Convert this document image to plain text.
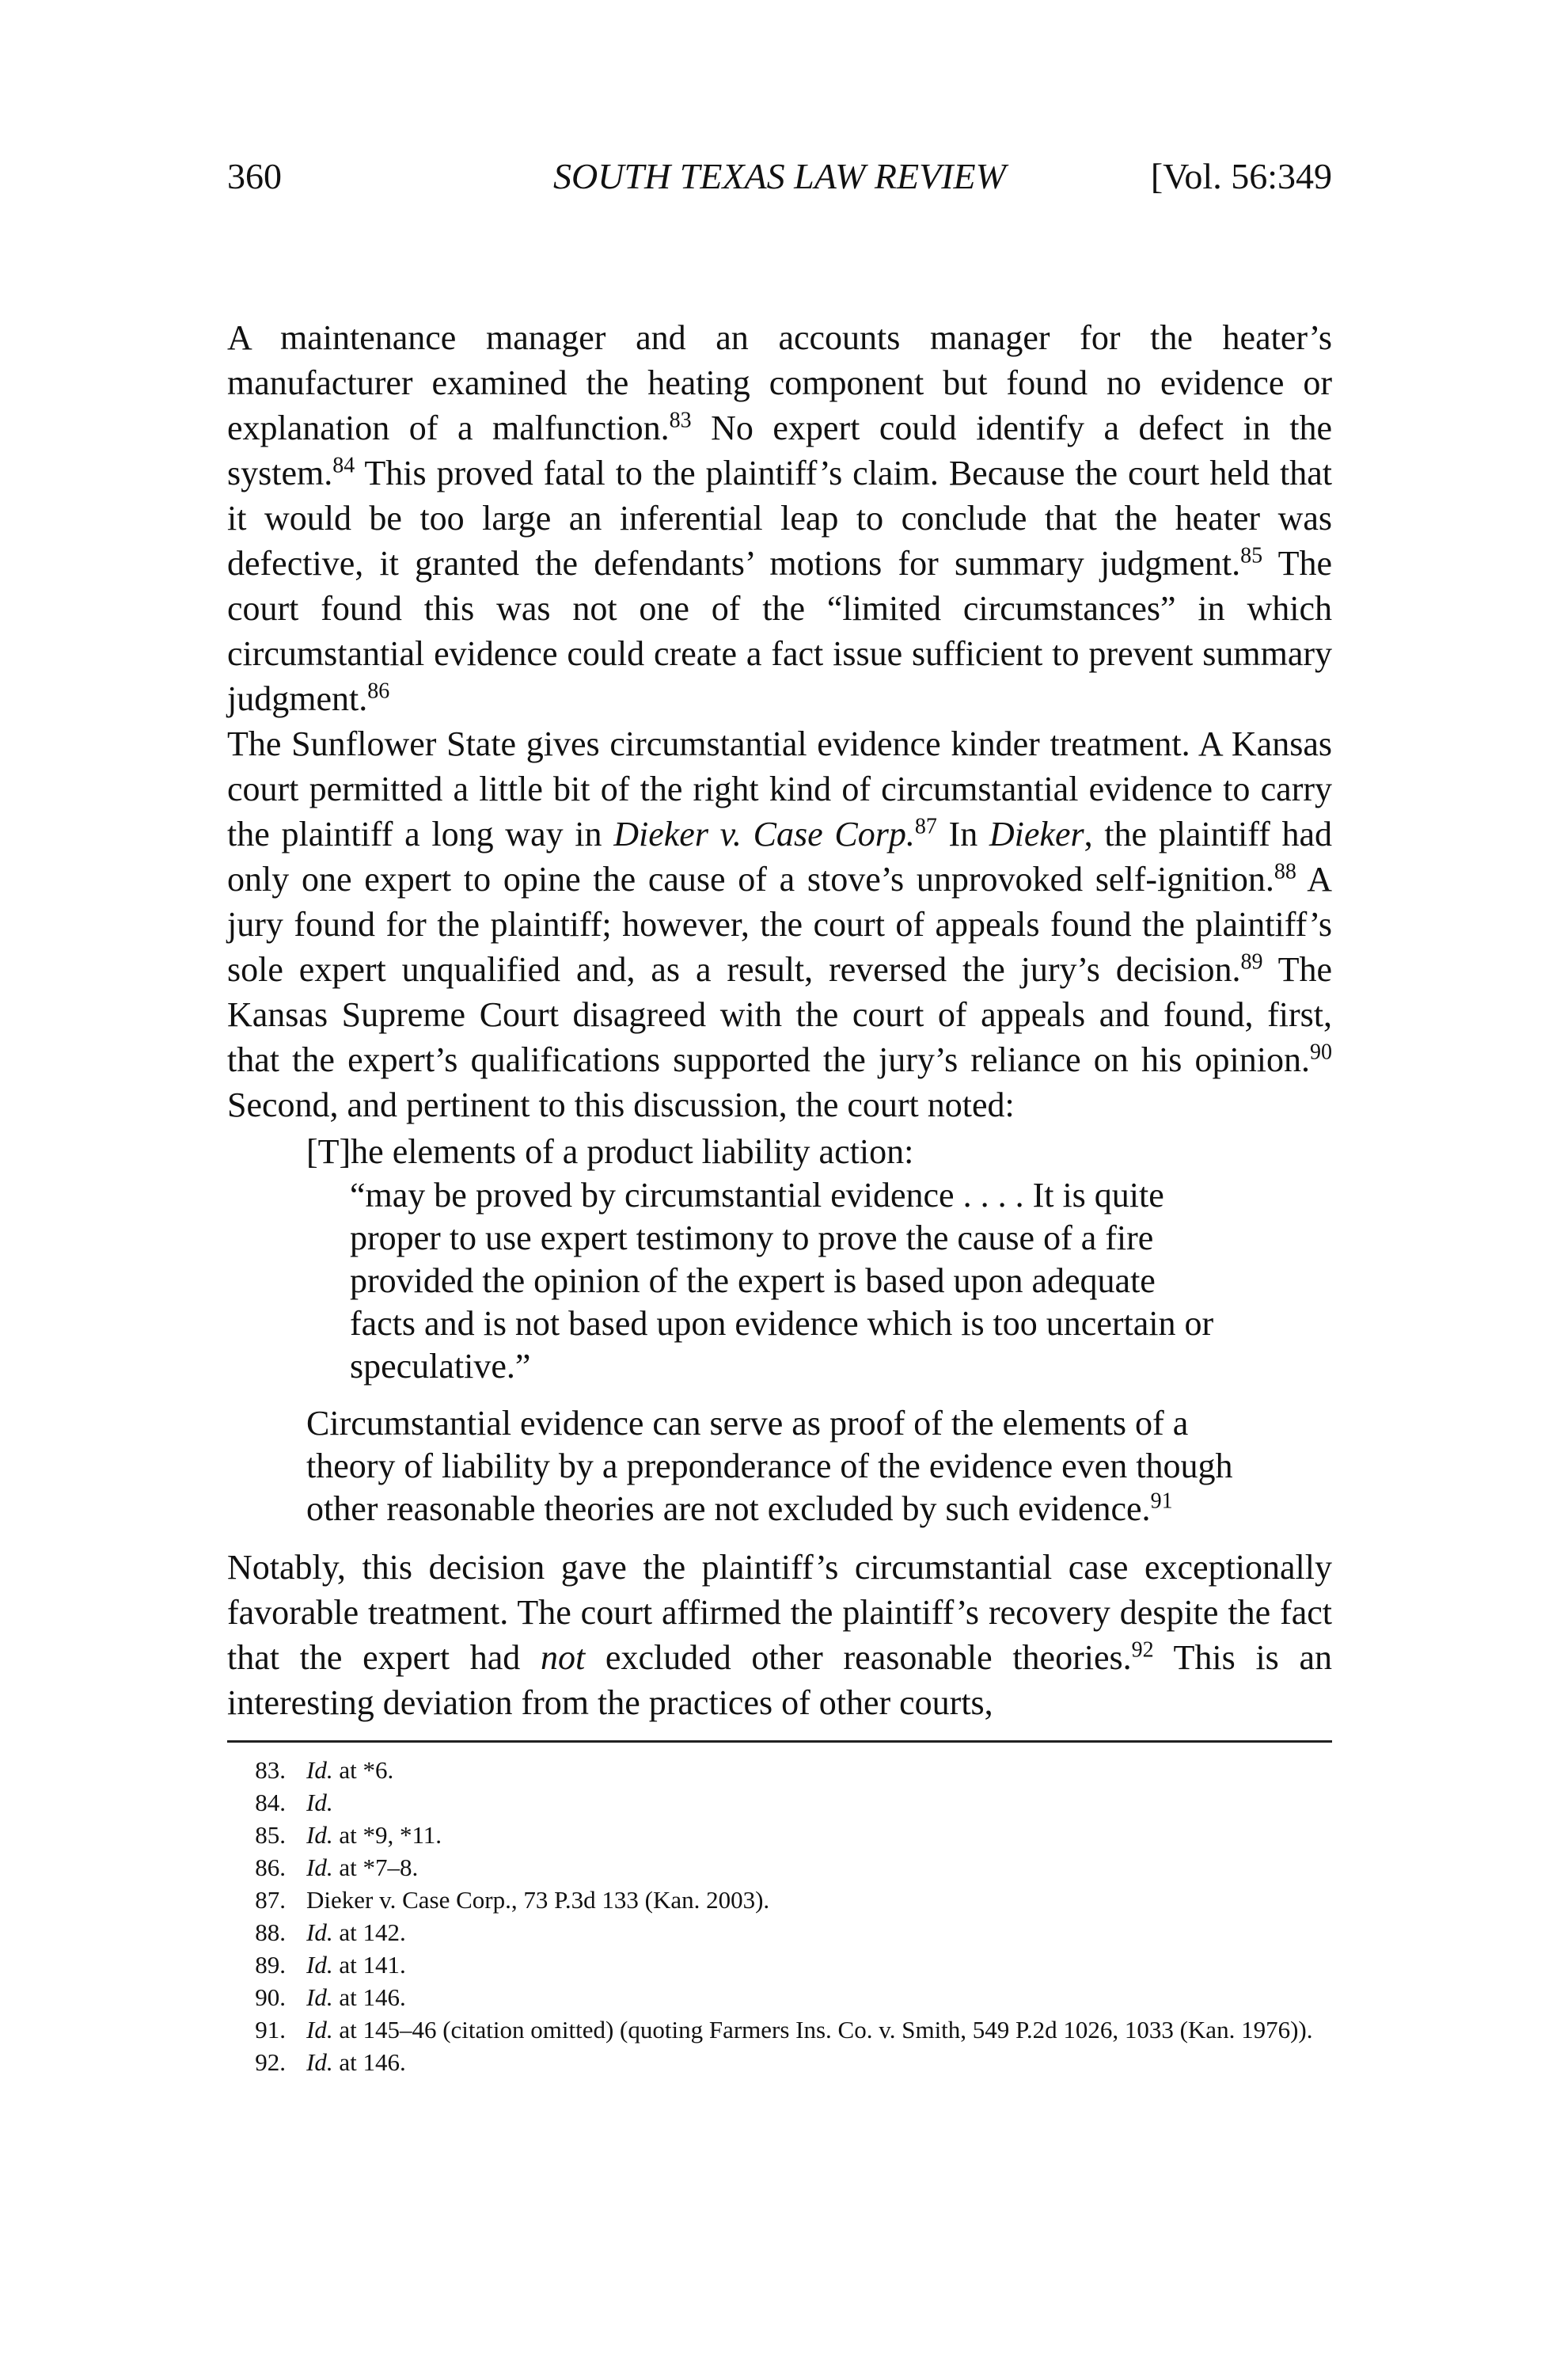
360	SOUTH TEXAS LAW REVIEW	[Vol. 56:349

A maintenance manager and an accounts manager for the heater’s manufacturer examined the heating component but found no evidence or explanation of a malfunction.$^{83}$ No expert could identify a defect in the system.$^{84}$ This proved fatal to the plaintiff’s claim. Because the court held that it would be too large an inferential leap to conclude that the heater was defective, it granted the defendants’ motions for summary judgment.$^{85}$ The court found this was not one of the “limited circumstances” in which circumstantial evidence could create a fact issue sufficient to prevent summary judgment.$^{86}$

The Sunflower State gives circumstantial evidence kinder treatment. A Kansas court permitted a little bit of the right kind of circumstantial evidence to carry the plaintiff a long way in Dieker v. Case Corp.$^{87}$ In Dieker, the plaintiff had only one expert to opine the cause of a stove’s unprovoked self-ignition.$^{88}$ A jury found for the plaintiff; however, the court of appeals found the plaintiff’s sole expert unqualified and, as a result, reversed the jury’s decision.$^{89}$ The Kansas Supreme Court disagreed with the court of appeals and found, first, that the expert’s qualifications supported the jury’s reliance on his opinion.$^{90}$ Second, and pertinent to this discussion, the court noted:

[T]he elements of a product liability action:

“may be proved by circumstantial evidence . . . . It is quite proper to use expert testimony to prove the cause of a fire provided the opinion of the expert is based upon adequate facts and is not based upon evidence which is too uncertain or speculative.”

Circumstantial evidence can serve as proof of the elements of a theory of liability by a preponderance of the evidence even though other reasonable theories are not excluded by such evidence.$^{91}$

Notably, this decision gave the plaintiff’s circumstantial case exceptionally favorable treatment. The court affirmed the plaintiff’s recovery despite the fact that the expert had not excluded other reasonable theories.$^{92}$ This is an interesting deviation from the practices of other courts,

83. Id. at *6.
84. Id.
85. Id. at *9, *11.
86. Id. at *7–8.
87. Dieker v. Case Corp., 73 P.3d 133 (Kan. 2003).
88. Id. at 142.
89. Id. at 141.
90. Id. at 146.
91. Id. at 145–46 (citation omitted) (quoting Farmers Ins. Co. v. Smith, 549 P.2d 1026, 1033 (Kan. 1976)).
92. Id. at 146.
